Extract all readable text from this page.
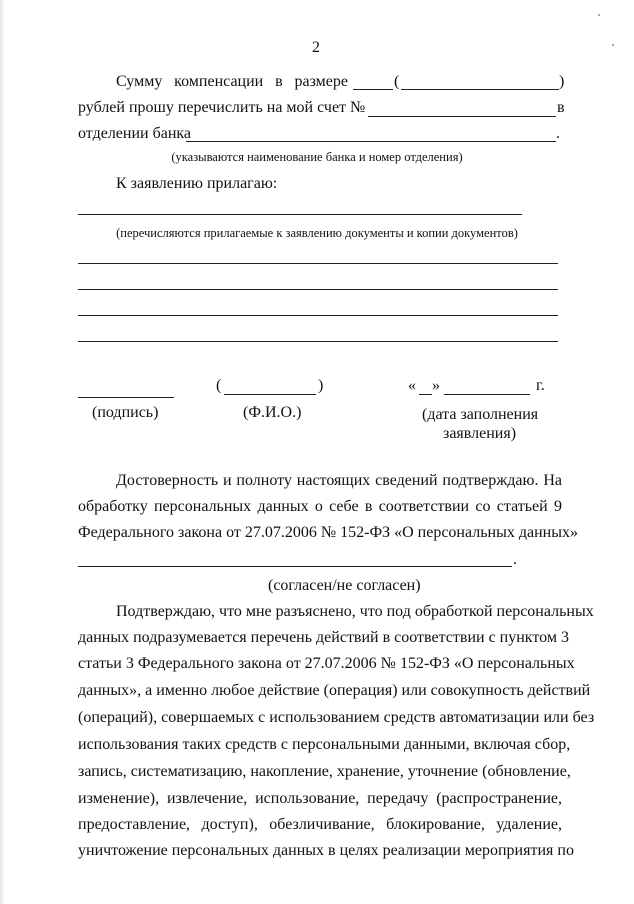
2
Сумму компенсации в размере	(	)
рублей прошу перечислить на мой счет №	в
отделении банка	.
(указываются наименование банка и номер отделения)
К заявлению прилагаю:
(перечисляются прилагаемые к заявлению документы и копии документов)
(	)	« »	г.
(подпись)	(Ф.И.О.)	(дата заполнения
заявления)
Достоверность и полноту настоящих сведений подтверждаю. На
обработку персональных данных о себе в соответствии со статьей 9
Федерального закона от 27.07.2006 № 152-ФЗ «О персональных данных»
.
(согласен/не согласен)
Подтверждаю, что мне разъяснено, что под обработкой персональных
данных подразумевается перечень действий в соответствии с пунктом 3
статьи 3 Федерального закона от 27.07.2006 № 152-ФЗ «О персональных
данных», а именно любое действие (операция) или совокупность действий
(операций), совершаемых с использованием средств автоматизации или без
использования таких средств с персональными данными, включая сбор,
запись, систематизацию, накопление, хранение, уточнение (обновление,
изменение), извлечение, использование, передачу (распространение,
предоставление, доступ), обезличивание, блокирование, удаление,
уничтожение персональных данных в целях реализации мероприятия по
